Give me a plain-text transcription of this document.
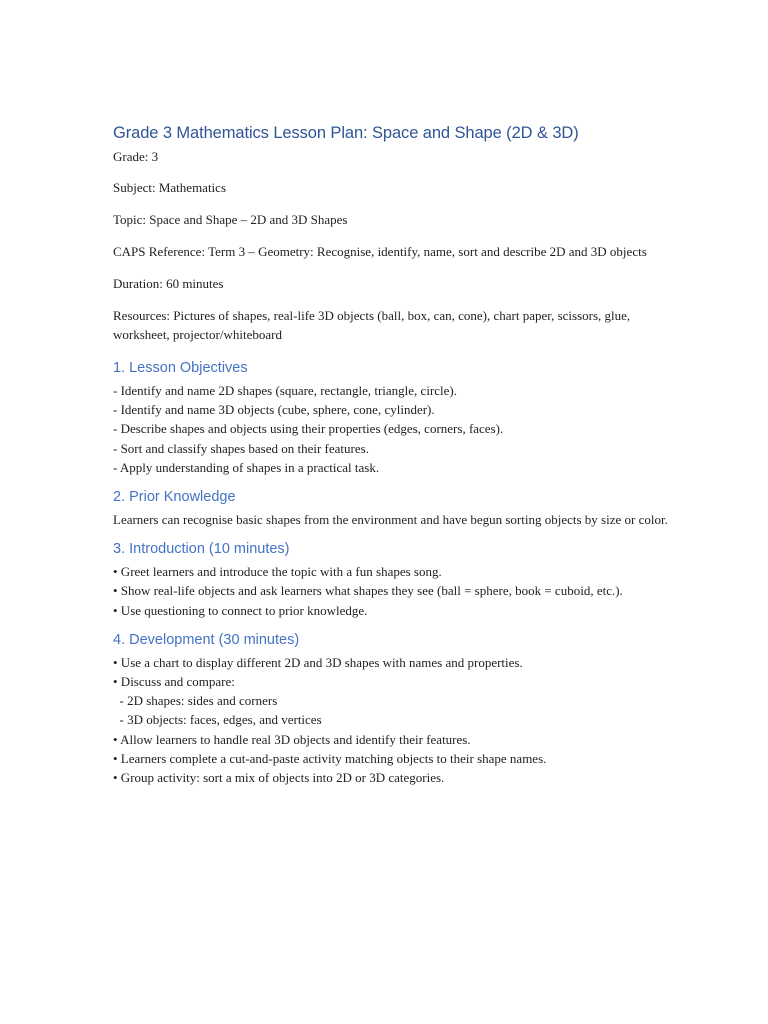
Grade 3 Mathematics Lesson Plan: Space and Shape (2D & 3D)

Grade: 3

Subject: Mathematics

Topic: Space and Shape – 2D and 3D Shapes

CAPS Reference: Term 3 – Geometry: Recognise, identify, name, sort and describe 2D and 3D objects

Duration: 60 minutes

Resources: Pictures of shapes, real-life 3D objects (ball, box, can, cone), chart paper, scissors, glue, worksheet, projector/whiteboard

1. Lesson Objectives
- Identify and name 2D shapes (square, rectangle, triangle, circle).
- Identify and name 3D objects (cube, sphere, cone, cylinder).
- Describe shapes and objects using their properties (edges, corners, faces).
- Sort and classify shapes based on their features.
- Apply understanding of shapes in a practical task.
2. Prior Knowledge

Learners can recognise basic shapes from the environment and have begun sorting objects by size or color.

3. Introduction (10 minutes)
• Greet learners and introduce the topic with a fun shapes song.
• Show real-life objects and ask learners what shapes they see (ball = sphere, book = cuboid, etc.).
• Use questioning to connect to prior knowledge.
4. Development (30 minutes)
• Use a chart to display different 2D and 3D shapes with names and properties.
• Discuss and compare:
- 2D shapes: sides and corners
- 3D objects: faces, edges, and vertices
• Allow learners to handle real 3D objects and identify their features.
• Learners complete a cut-and-paste activity matching objects to their shape names.
• Group activity: sort a mix of objects into 2D or 3D categories.
